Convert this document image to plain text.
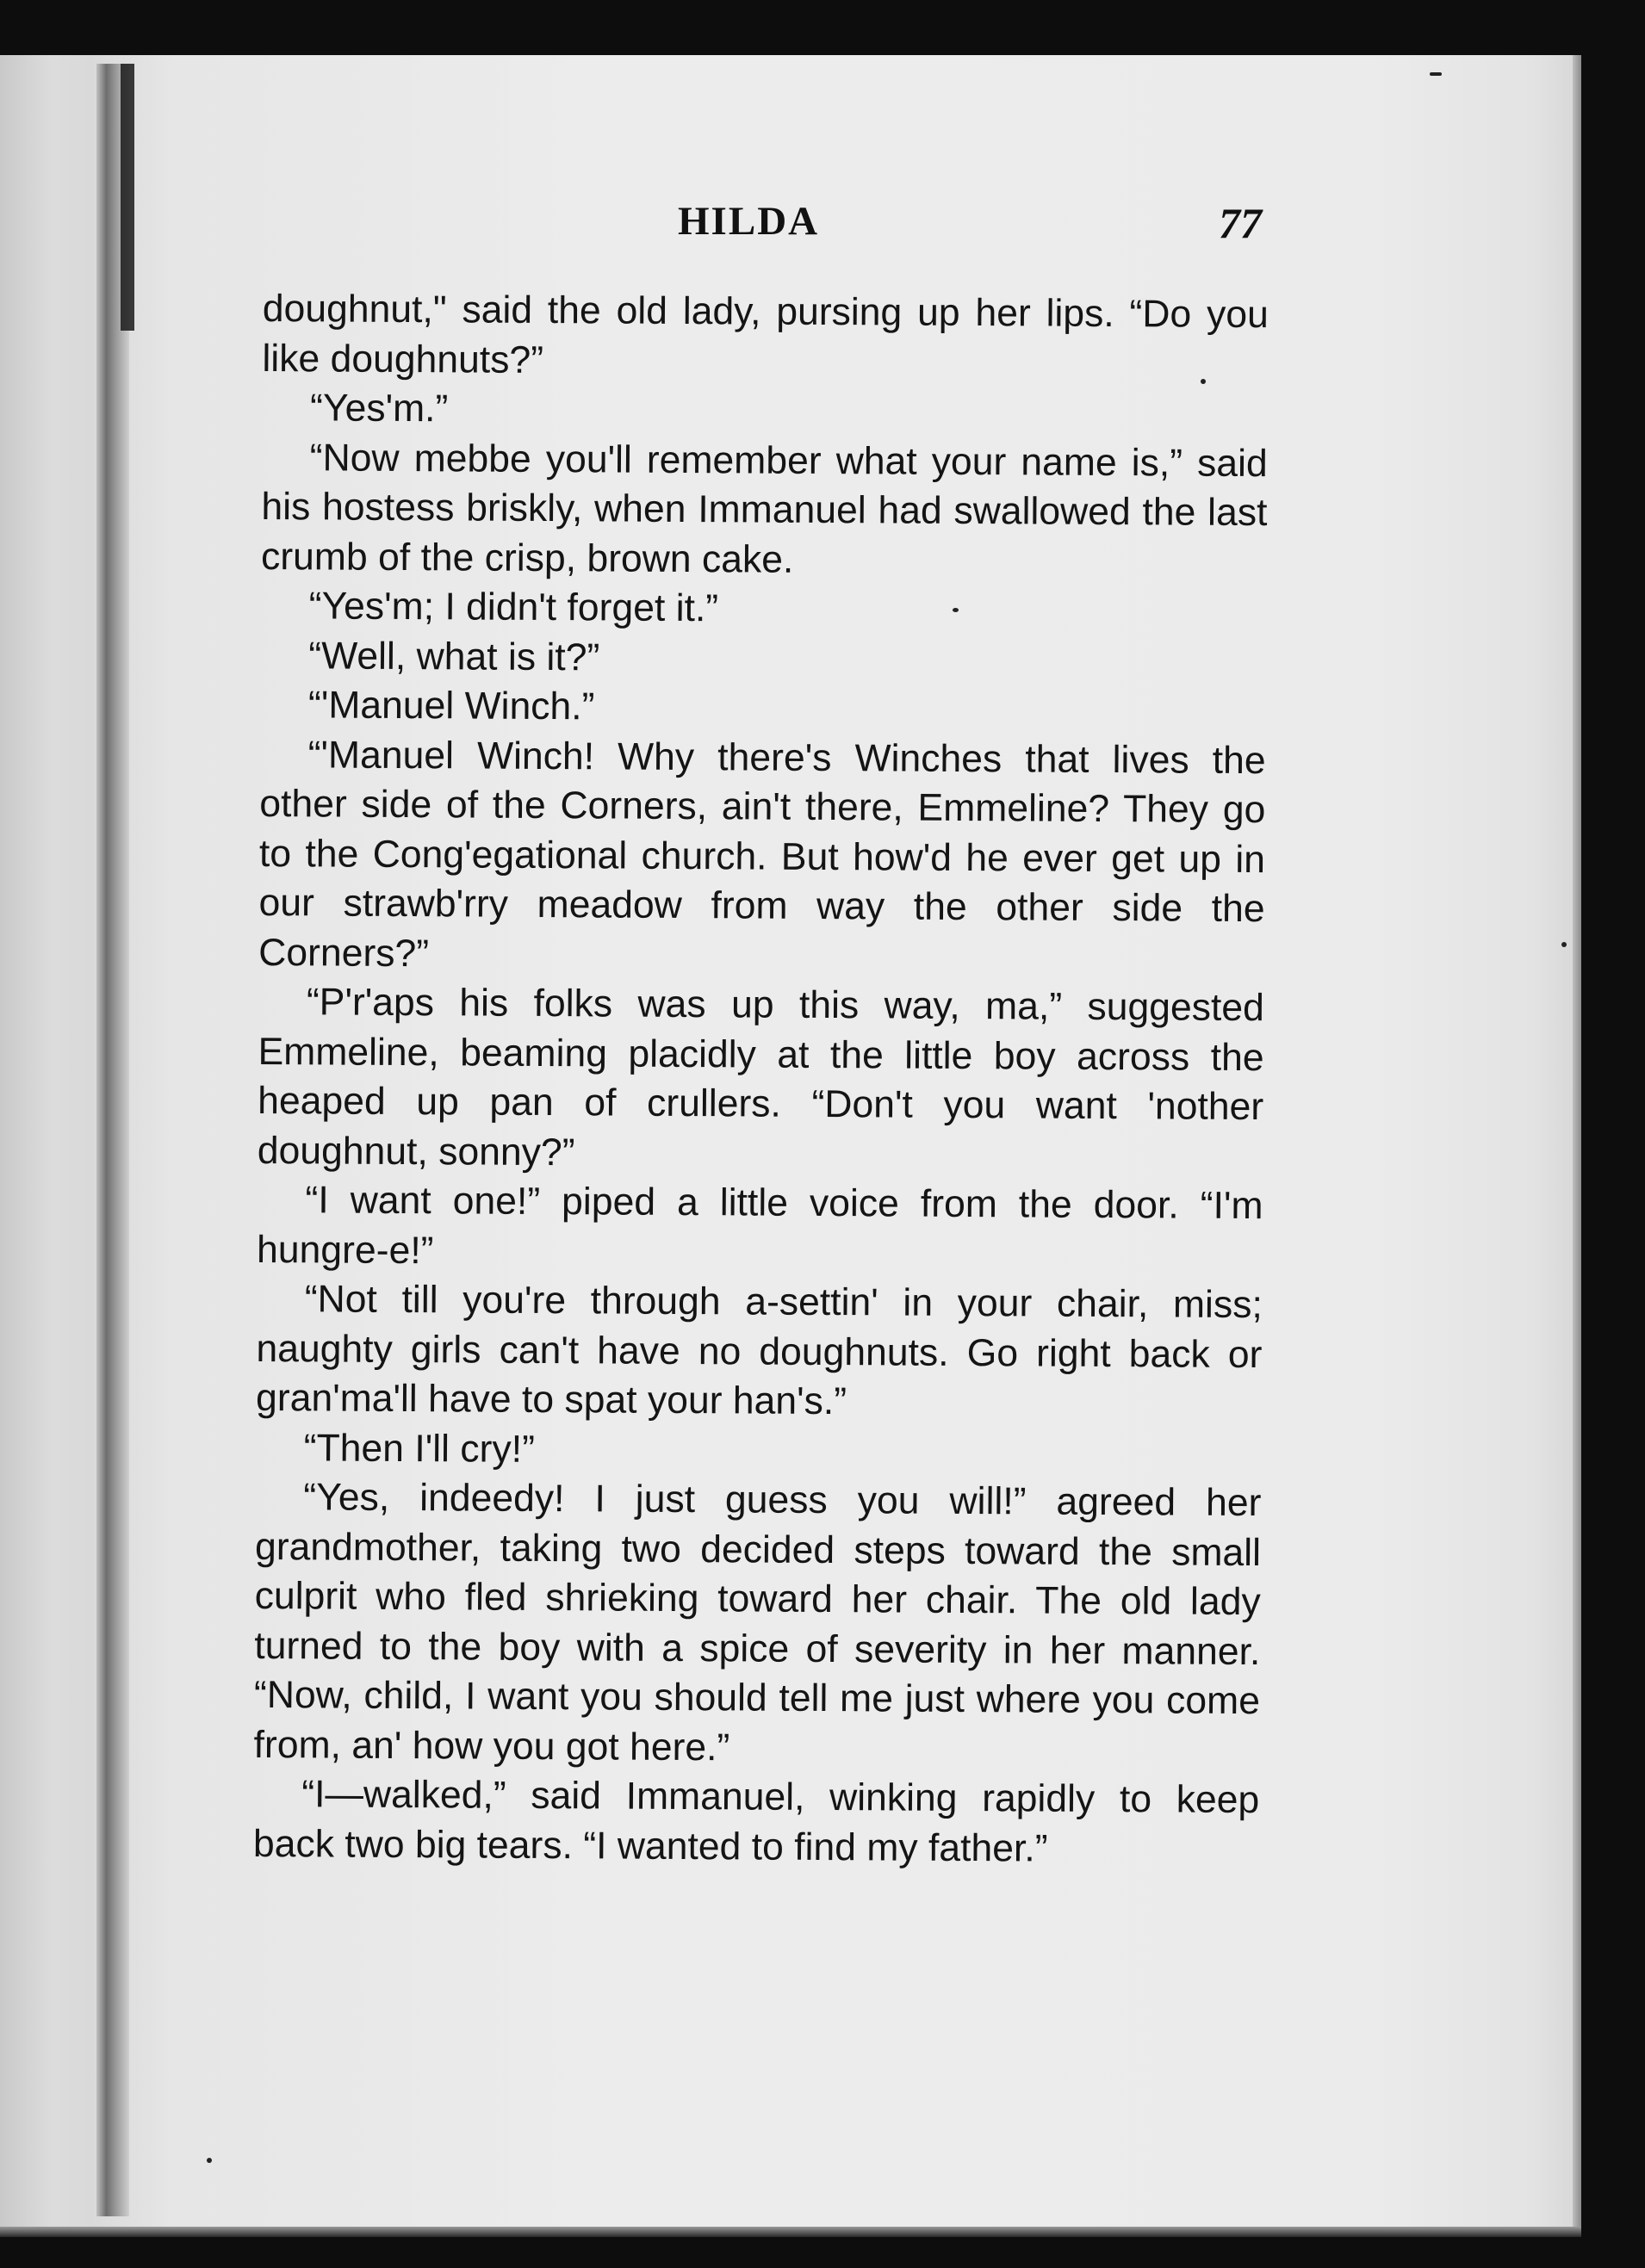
HILDA	77

doughnut," said the old lady, pursing up her lips. “Do you like doughnuts?”

“Yes'm.”

“Now mebbe you'll remember what your name is,” said his hostess briskly, when Immanuel had swallowed the last crumb of the crisp, brown cake.

“Yes'm; I didn't forget it.”

“Well, what is it?”

“'Manuel Winch.”

“'Manuel Winch! Why there's Winches that lives the other side of the Corners, ain't there, Emmeline? They go to the Cong'egational church. But how'd he ever get up in our strawb'rry meadow from way the other side the Corners?”

“P'r'aps his folks was up this way, ma,” suggested Emmeline, beaming placidly at the little boy across the heaped up pan of crullers. “Don't you want 'nother doughnut, sonny?”

“I want one!” piped a little voice from the door. “I'm hungre-e!”

“Not till you're through a-settin' in your chair, miss; naughty girls can't have no doughnuts. Go right back or gran'ma'll have to spat your han's.”

“Then I'll cry!”

“Yes, indeedy! I just guess you will!” agreed her grandmother, taking two decided steps toward the small culprit who fled shrieking toward her chair. The old lady turned to the boy with a spice of severity in her manner. “Now, child, I want you should tell me just where you come from, an' how you got here.”

“I—walked,” said Immanuel, winking rapidly to keep back two big tears. “I wanted to find my father.”
